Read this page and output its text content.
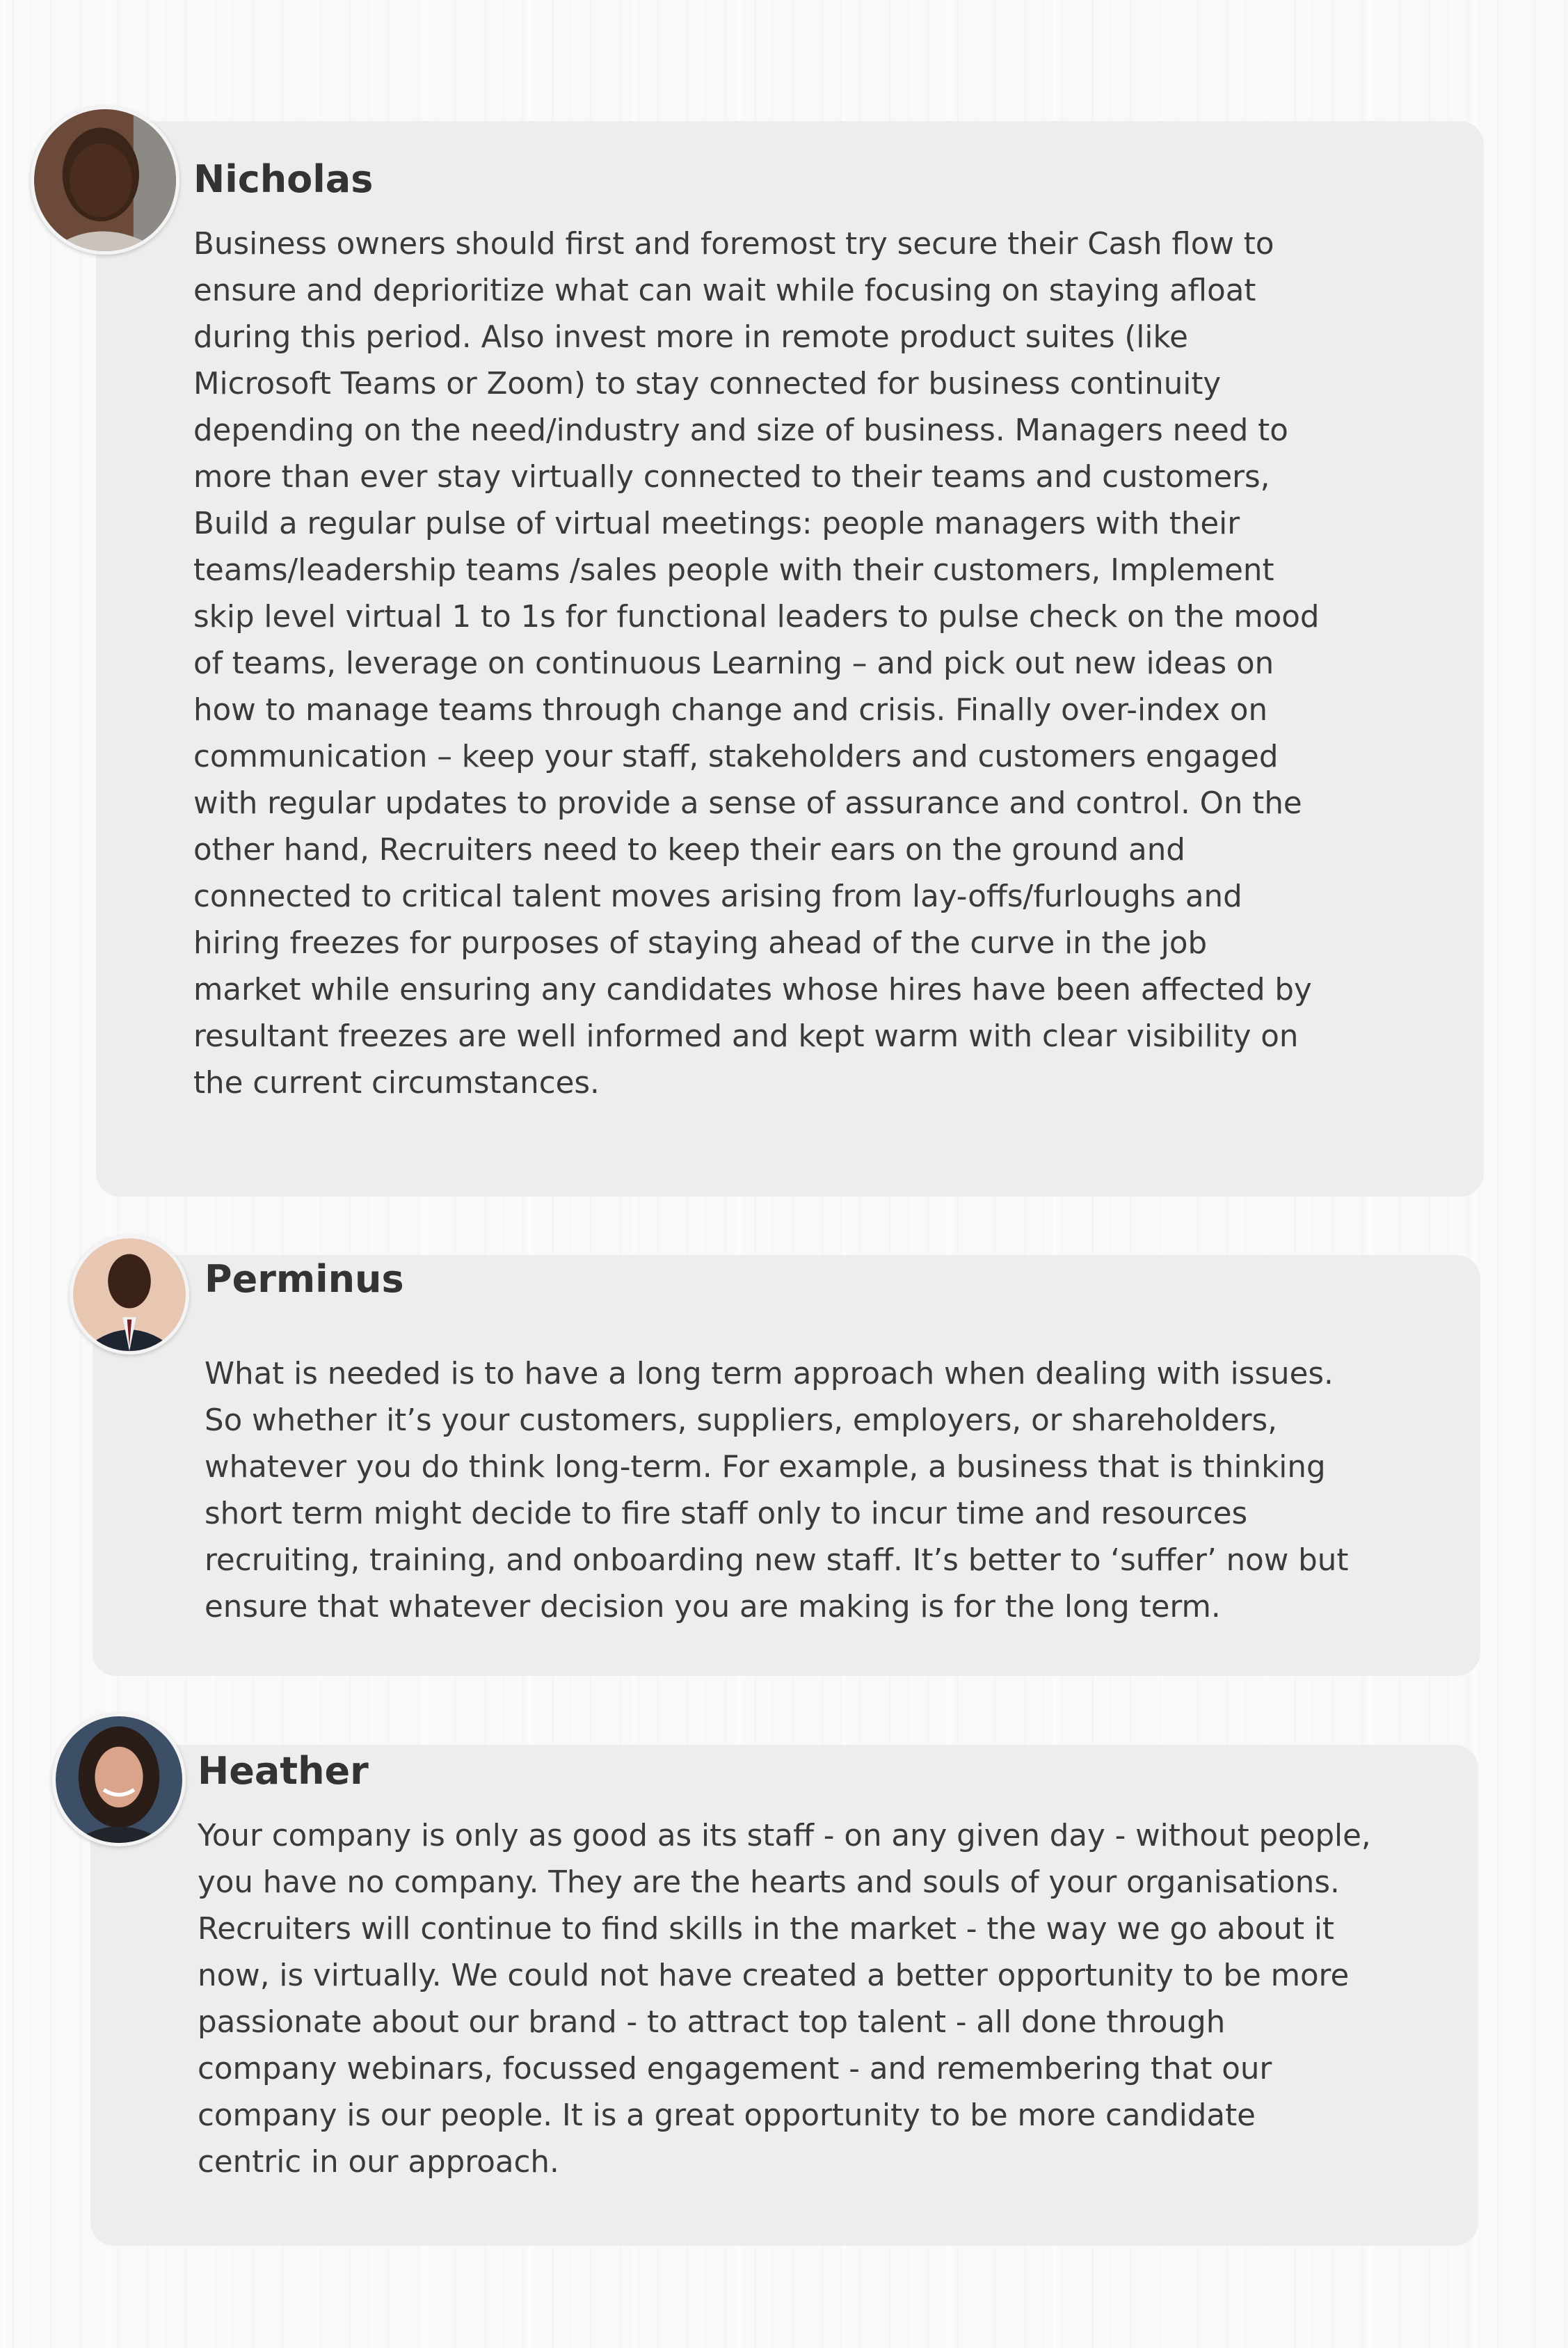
Nicholas
Business owners should first and foremost try secure their Cash flow to
ensure and deprioritize what can wait while focusing on staying afloat
during this period. Also invest more in remote product suites (like
Microsoft Teams or Zoom) to stay connected for business continuity
depending on the need/industry and size of business. Managers need to
more than ever stay virtually connected to their teams and customers,
Build a regular pulse of virtual meetings: people managers with their
teams/leadership teams /sales people with their customers, Implement
skip level virtual 1 to 1s for functional leaders to pulse check on the mood
of teams, leverage on continuous Learning – and pick out new ideas on
how to manage teams through change and crisis. Finally over-index on
communication – keep your staff, stakeholders and customers engaged
with regular updates to provide a sense of assurance and control. On the
other hand, Recruiters need to keep their ears on the ground and
connected to critical talent moves arising from lay-offs/furloughs and
hiring freezes for purposes of staying ahead of the curve in the job
market while ensuring any candidates whose hires have been affected by
resultant freezes are well informed and kept warm with clear visibility on
the current circumstances.
Perminus
What is needed is to have a long term approach when dealing with issues.
So whether it’s your customers, suppliers, employers, or shareholders,
whatever you do think long-term. For example, a business that is thinking
short term might decide to fire staff only to incur time and resources
recruiting, training, and onboarding new staff. It’s better to ‘suffer’ now but
ensure that whatever decision you are making is for the long term.
Heather
Your company is only as good as its staff - on any given day - without people,
you have no company. They are the hearts and souls of your organisations.
Recruiters will continue to find skills in the market - the way we go about it
now, is virtually. We could not have created a better opportunity to be more
passionate about our brand - to attract top talent - all done through
company webinars, focussed engagement - and remembering that our
company is our people. It is a great opportunity to be more candidate
centric in our approach.
